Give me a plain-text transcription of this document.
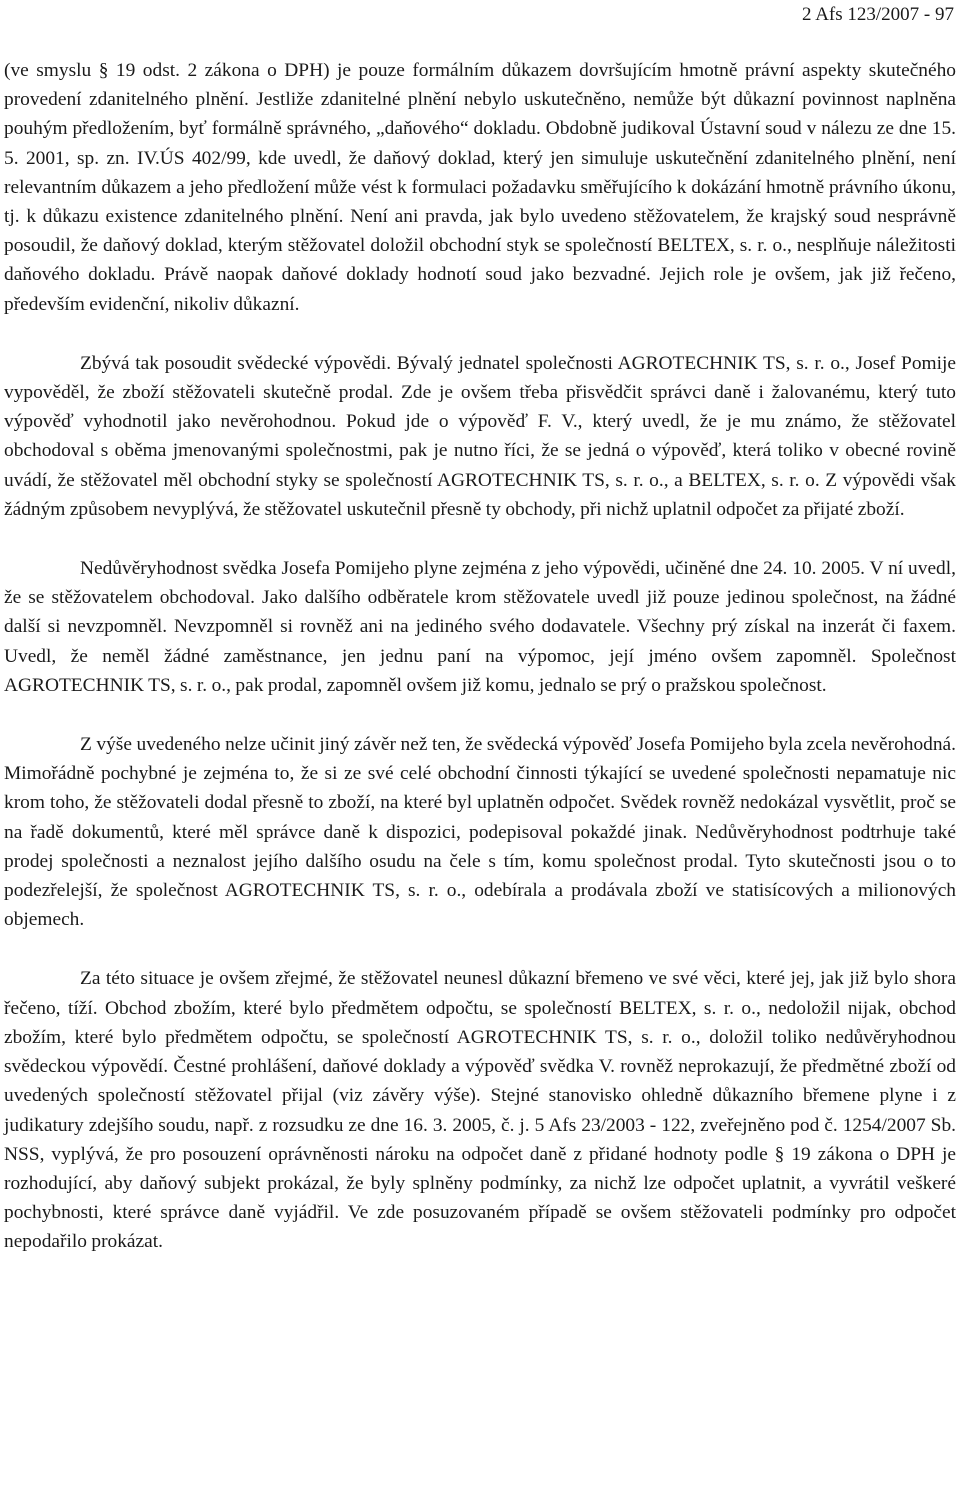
2 Afs 123/2007 - 97

(ve smyslu § 19 odst. 2 zákona o DPH) je pouze formálním důkazem dovršujícím hmotně právní aspekty skutečného provedení zdanitelného plnění. Jestliže zdanitelné plnění nebylo uskutečněno, nemůže být důkazní povinnost naplněna pouhým předložením, byť formálně správného, „daňového“ dokladu. Obdobně judikoval Ústavní soud v nálezu ze dne 15. 5. 2001, sp. zn. IV.ÚS 402/99, kde uvedl, že daňový doklad, který jen simuluje uskutečnění zdanitelného plnění, není relevantním důkazem a jeho předložení může vést k formulaci požadavku směřujícího k dokázání hmotně právního úkonu, tj. k důkazu existence zdanitelného plnění. Není ani pravda, jak bylo uvedeno stěžovatelem, že krajský soud nesprávně posoudil, že daňový doklad, kterým stěžovatel doložil obchodní styk se společností BELTEX, s. r. o., nesplňuje náležitosti daňového dokladu. Právě naopak daňové doklady hodnotí soud jako bezvadné. Jejich role je ovšem, jak již řečeno, především evidenční, nikoliv důkazní.

Zbývá tak posoudit svědecké výpovědi. Bývalý jednatel společnosti AGROTECHNIK TS, s. r. o., Josef Pomije vypověděl, že zboží stěžovateli skutečně prodal. Zde je ovšem třeba přisvědčit správci daně i žalovanému, který tuto výpověď vyhodnotil jako nevěrohodnou. Pokud jde o výpověď F. V., který uvedl, že je mu známo, že stěžovatel obchodoval s oběma jmenovanými společnostmi, pak je nutno říci, že se jedná o výpověď, která toliko v obecné rovině uvádí, že stěžovatel měl obchodní styky se společností AGROTECHNIK TS, s. r. o., a BELTEX, s. r. o. Z výpovědi však žádným způsobem nevyplývá, že stěžovatel uskutečnil přesně ty obchody, při nichž uplatnil odpočet za přijaté zboží.

Nedůvěryhodnost svědka Josefa Pomijeho plyne zejména z jeho výpovědi, učiněné dne 24. 10. 2005. V ní uvedl, že se stěžovatelem obchodoval. Jako dalšího odběratele krom stěžovatele uvedl již pouze jedinou společnost, na žádné další si nevzpomněl. Nevzpomněl si rovněž ani na jediného svého dodavatele. Všechny prý získal na inzerát či faxem. Uvedl, že neměl žádné zaměstnance, jen jednu paní na výpomoc, její jméno ovšem zapomněl. Společnost AGROTECHNIK TS, s. r. o., pak prodal, zapomněl ovšem již komu, jednalo se prý o pražskou společnost.

Z výše uvedeného nelze učinit jiný závěr než ten, že svědecká výpověď Josefa Pomijeho byla zcela nevěrohodná. Mimořádně pochybné je zejména to, že si ze své celé obchodní činnosti týkající se uvedené společnosti nepamatuje nic krom toho, že stěžovateli dodal přesně to zboží, na které byl uplatněn odpočet. Svědek rovněž nedokázal vysvětlit, proč se na řadě dokumentů, které měl správce daně k dispozici, podepisoval pokaždé jinak. Nedůvěryhodnost podtrhuje také prodej společnosti a neznalost jejího dalšího osudu na čele s tím, komu společnost prodal. Tyto skutečnosti jsou o to podezřelejší, že společnost AGROTECHNIK TS, s. r. o., odebírala a prodávala zboží ve statisícových a milionových objemech.

Za této situace je ovšem zřejmé, že stěžovatel neunesl důkazní břemeno ve své věci, které jej, jak již bylo shora řečeno, tíží. Obchod zbožím, které bylo předmětem odpočtu, se společností BELTEX, s. r. o., nedoložil nijak, obchod zbožím, které bylo předmětem odpočtu, se společností AGROTECHNIK TS, s. r. o., doložil toliko nedůvěryhodnou svědeckou výpovědí. Čestné prohlášení, daňové doklady a výpověď svědka V. rovněž neprokazují, že předmětné zboží od uvedených společností stěžovatel přijal (viz závěry výše). Stejné stanovisko ohledně důkazního břemene plyne i z judikatury zdejšího soudu, např. z rozsudku ze dne 16. 3. 2005, č. j. 5 Afs 23/2003 - 122, zveřejněno pod č. 1254/2007 Sb. NSS, vyplývá, že pro posouzení oprávněnosti nároku na odpočet daně z přidané hodnoty podle § 19 zákona o DPH je rozhodující, aby daňový subjekt prokázal, že byly splněny podmínky, za nichž lze odpočet uplatnit, a vyvrátil veškeré pochybnosti, které správce daně vyjádřil. Ve zde posuzovaném případě se ovšem stěžovateli podmínky pro odpočet nepodařilo prokázat.
